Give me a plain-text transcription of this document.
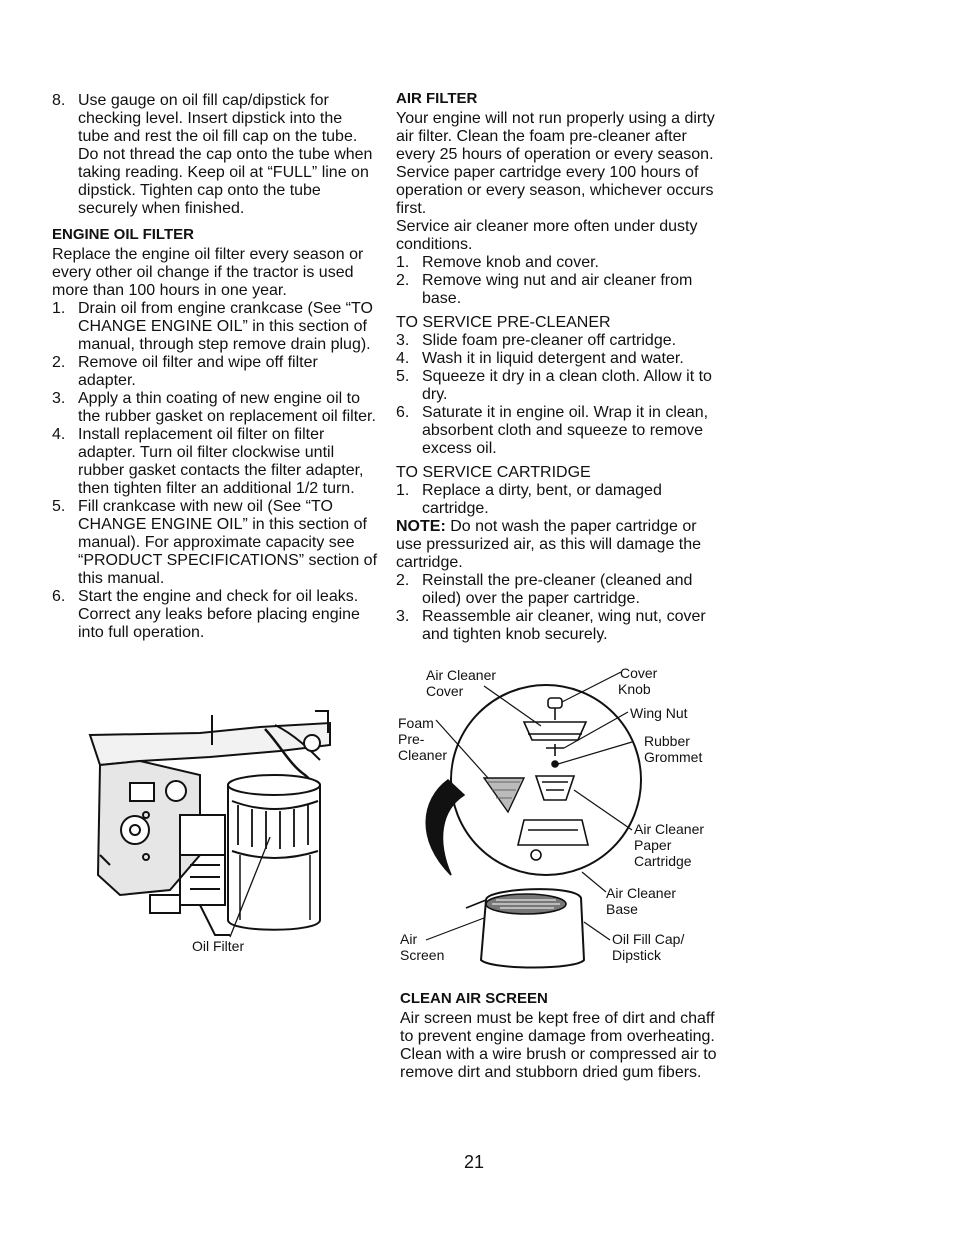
8. Use gauge on oil fill cap/dipstick for checking level. Insert dipstick into the tube and rest the oil fill cap on the tube. Do not thread the cap onto the tube when taking reading. Keep oil at “FULL” line on dipstick. Tighten cap onto the tube securely when finished.
ENGINE OIL FILTER

Replace the engine oil filter every season or every other oil change if the tractor is used more than 100 hours in one year.

1. Drain oil from engine crankcase (See “TO CHANGE ENGINE OIL” in this section of manual, through step remove drain plug).
2. Remove oil filter and wipe off filter adapter.
3. Apply a thin coating of new engine oil to the rubber gasket on replacement oil filter.
4. Install replacement oil filter on filter adapter. Turn oil filter clockwise until rubber gasket contacts the filter adapter, then tighten filter an additional 1/2 turn.
5. Fill crankcase with new oil (See “TO CHANGE ENGINE OIL” in this section of manual). For approximate capacity see “PRODUCT SPECIFICATIONS” section of this manual.
6. Start the engine and check for oil leaks. Correct any leaks before placing engine into full operation.
Oil Filter
AIR FILTER

Your engine will not run properly using a dirty air filter. Clean the foam pre-cleaner after every 25 hours of operation or every season. Service paper cartridge every 100 hours of operation or every season, whichever occurs first.

Service air cleaner more often under dusty conditions.

1. Remove knob and cover.
2. Remove wing nut and air cleaner from base.
TO SERVICE PRE-CLEANER
3. Slide foam pre-cleaner off cartridge.
4. Wash it in liquid detergent and water.
5. Squeeze it dry in a clean cloth. Allow it to dry.
6. Saturate it in engine oil. Wrap it in clean, absorbent cloth and squeeze to remove excess oil.
TO SERVICE CARTRIDGE
1. Replace a dirty, bent, or damaged cartridge.

NOTE: Do not wash the paper cartridge or use pressurized air, as this will damage the cartridge.

2. Reinstall the pre-cleaner (cleaned and oiled) over the paper cartridge.
3. Reassemble air cleaner, wing nut, cover and tighten knob securely.
Air Cleaner
Cover
Cover
Knob
Wing Nut
Foam
Pre-
Cleaner
Rubber
Grommet
Air Cleaner
Paper
Cartridge
Air Cleaner
Base
Air
Screen
Oil Fill Cap/
Dipstick
CLEAN AIR SCREEN

Air screen must be kept free of dirt and chaff to prevent engine damage from overheating. Clean with a wire brush or compressed air to remove dirt and stubborn dried gum fibers.

21
